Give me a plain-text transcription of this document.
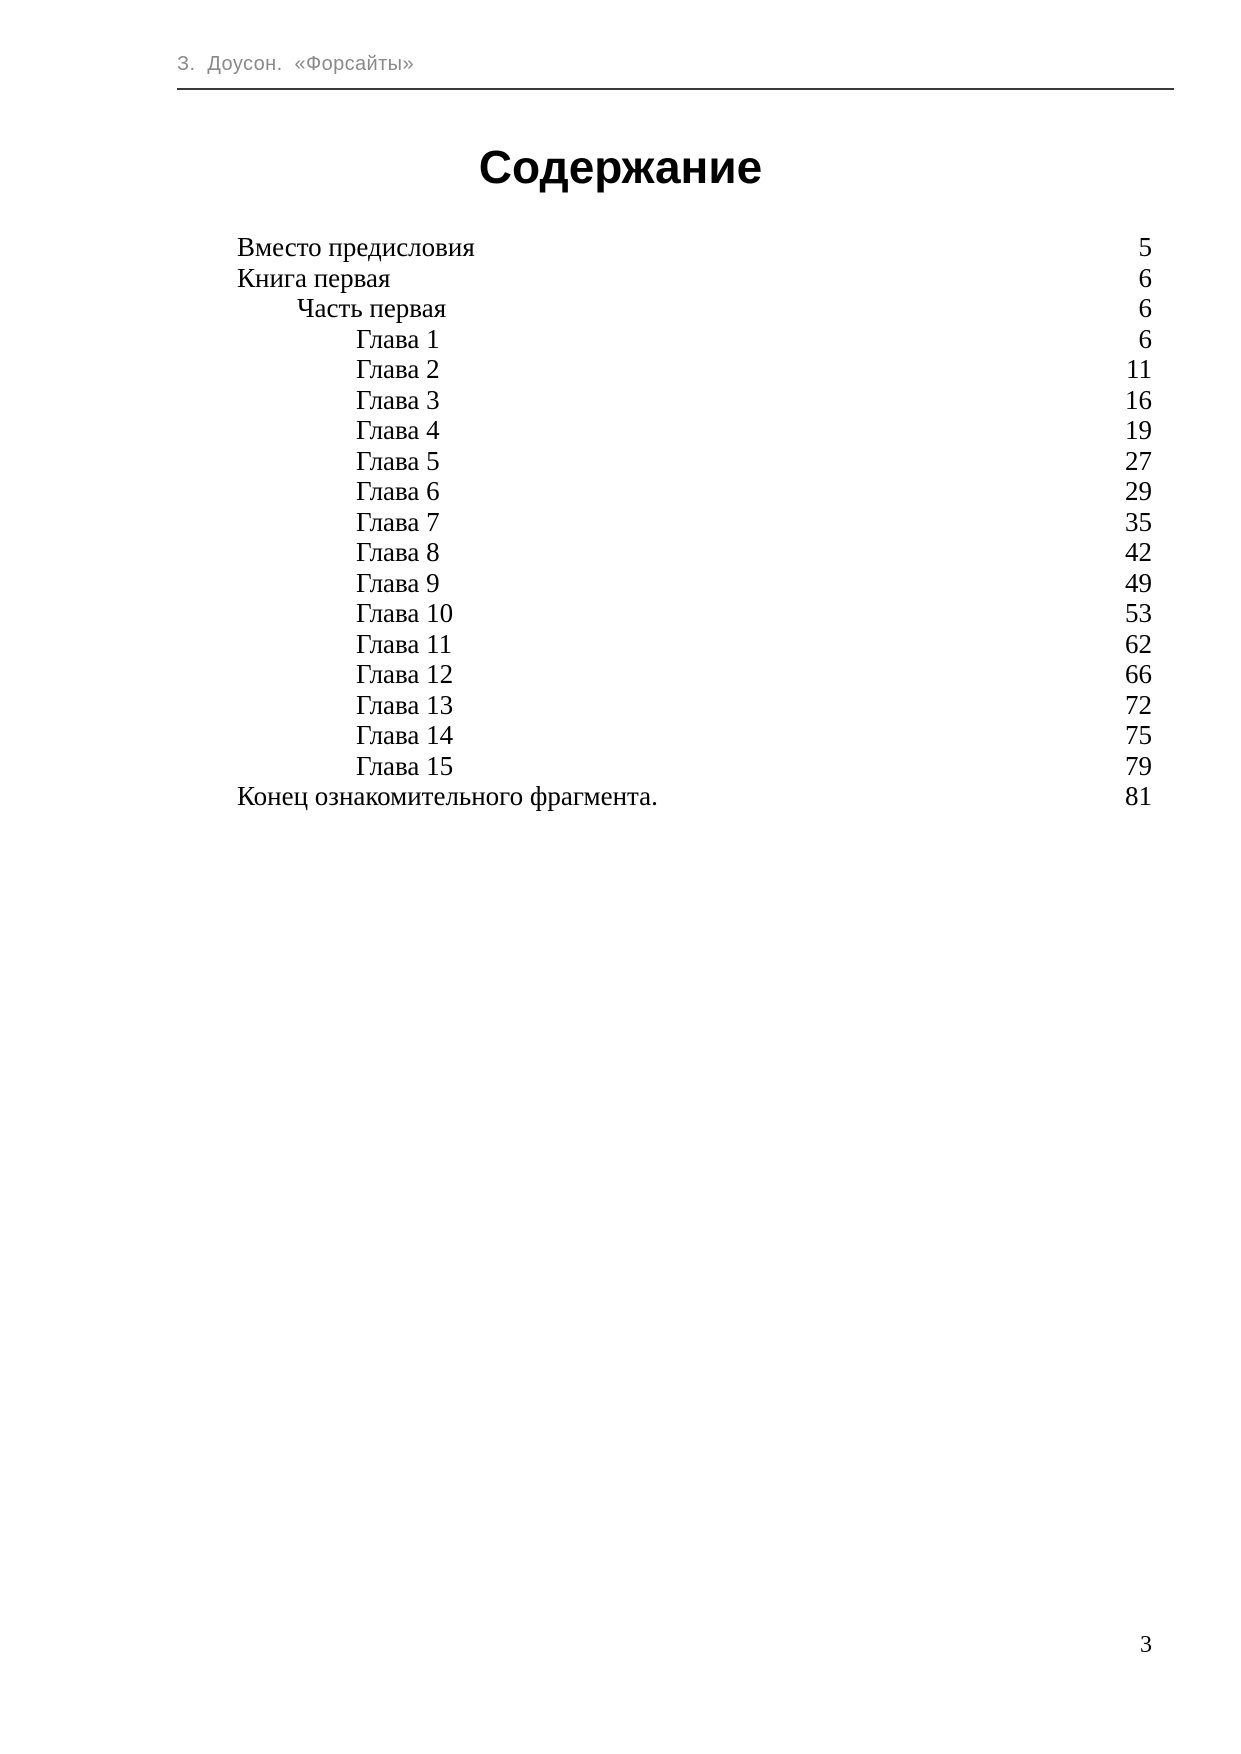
З.  Доусон.  «Форсайты»
Содержание
Вместо предисловия	5
Книга первая	6
Часть первая	6
Глава 1	6
Глава 2	11
Глава 3	16
Глава 4	19
Глава 5	27
Глава 6	29
Глава 7	35
Глава 8	42
Глава 9	49
Глава 10	53
Глава 11	62
Глава 12	66
Глава 13	72
Глава 14	75
Глава 15	79
Конец ознакомительного фрагмента.	81
3
